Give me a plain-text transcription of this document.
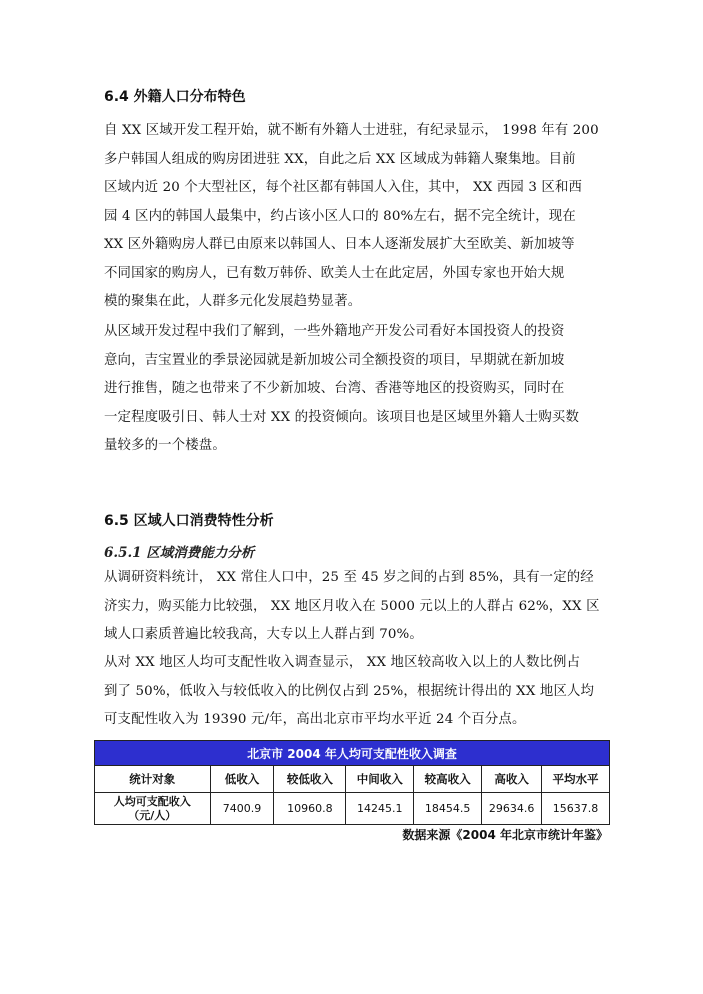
6.4 外籍人口分布特色
自 XX 区域开发工程开始，就不断有外籍人士进驻，有纪录显示， 1998 年有 200
多户韩国人组成的购房团进驻 XX，自此之后 XX 区域成为韩籍人聚集地。目前
区域内近 20 个大型社区，每个社区都有韩国人入住，其中， XX 西园 3 区和西
园 4 区内的韩国人最集中，约占该小区人口的 80%左右，据不完全统计，现在
XX 区外籍购房人群已由原来以韩国人、日本人逐渐发展扩大至欧美、新加坡等
不同国家的购房人，已有数万韩侨、欧美人士在此定居，外国专家也开始大规
模的聚集在此，人群多元化发展趋势显著。
从区域开发过程中我们了解到，一些外籍地产开发公司看好本国投资人的投资
意向，吉宝置业的季景泌园就是新加坡公司全额投资的项目，早期就在新加坡
进行推售，随之也带来了不少新加坡、台湾、香港等地区的投资购买，同时在
一定程度吸引日、韩人士对 XX 的投资倾向。该项目也是区域里外籍人士购买数
量较多的一个楼盘。
6.5 区域人口消费特性分析
6.5.1 区域消费能力分析
从调研资料统计， XX 常住人口中，25 至 45 岁之间的占到 85%，具有一定的经
济实力，购买能力比较强， XX 地区月收入在 5000 元以上的人群占 62%，XX 区
域人口素质普遍比较我高，大专以上人群占到 70%。
从对 XX 地区人均可支配性收入调查显示， XX 地区较高收入以上的人数比例占
到了 50%，低收入与较低收入的比例仅占到 25%，根据统计得出的 XX 地区人均
可支配性收入为 19390 元/年，高出北京市平均水平近 24 个百分点。
北京市 2004 年人均可支配性收入调查						
统计对象	低收入	较低收入	中间收入	较高收入	高收入	平均水平

人均可支配收入
（元/人）	7400.9	10960.8	14245.1	18454.5	29634.6	15637.8
数据来源《2004 年北京市统计年鉴》
